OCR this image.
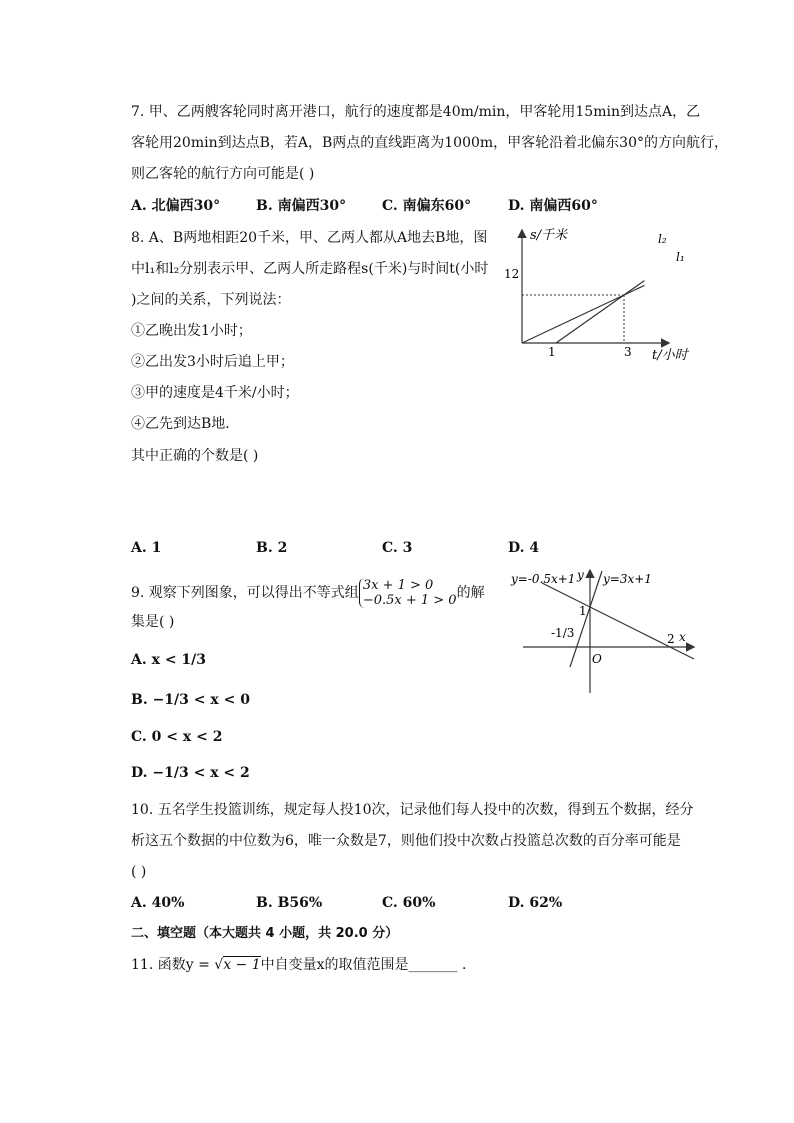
7. 甲、乙两艘客轮同时离开港口，航行的速度都是40m/min，甲客轮用15min到达点A，乙
客轮用20min到达点B，若A，B两点的直线距离为1000m，甲客轮沿着北偏东30°的方向航行，
则乙客轮的航行方向可能是( )
A. 北偏西30°	B. 南偏西30°	C. 南偏东60°	D. 南偏西60°
8. A、B两地相距20千米，甲、乙两人都从A地去B地，图
中l₁和l₂分别表示甲、乙两人所走路程s(千米)与时间t(小时
)之间的关系，下列说法：
①乙晚出发1小时；
②乙出发3小时后追上甲；
③甲的速度是4千米/小时；
④乙先到达B地．
其中正确的个数是( )
A. 1	B. 2	C. 3	D. 4
s/千米
t/小时
12
1	3
l₂
l₁
9. 观察下列图象，可以得出不等式组 3x + 1 > 0
−0.5x + 1 > 0 的解
集是( )
A. x < 1/3
B. −1/3 < x < 0
C. 0 < x < 2
D. −1/3 < x < 2
y=-0.5x+1 y=3x+1
y
x
O
1
-1/3	2
10. 五名学生投篮训练，规定每人投10次，记录他们每人投中的次数，得到五个数据，经分
析这五个数据的中位数为6，唯一众数是7，则他们投中次数占投篮总次数的百分率可能是
( )
A. 40%	B. B56%	C. 60%	D. 62%
二、填空题（本大题共 4 小题，共 20.0 分）
11. 函数y = √x − 1中自变量x的取值范围是_______ ．
